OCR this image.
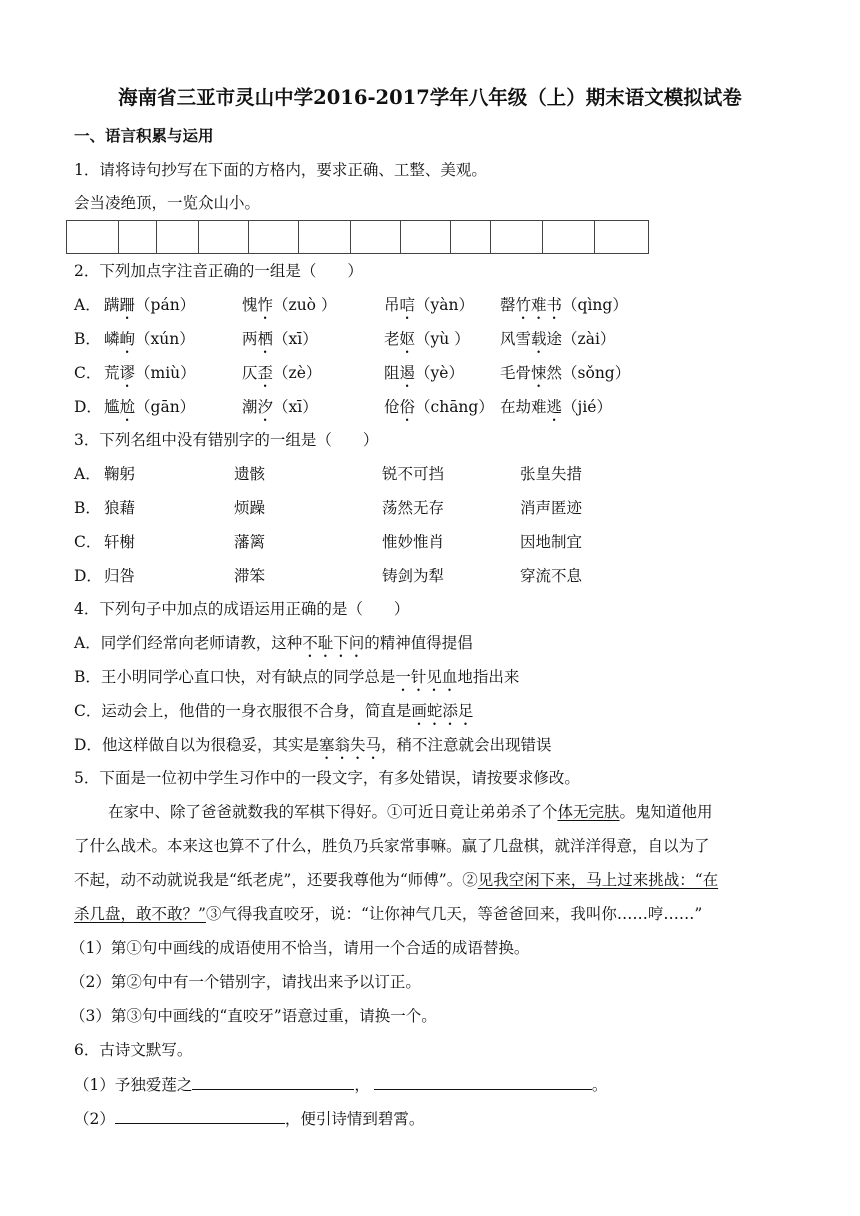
海南省三亚市灵山中学2016-2017学年八年级（上）期末语文模拟试卷
一、语言积累与运用
1．请将诗句抄写在下面的方格内，要求正确、工整、美观。
会当凌绝顶，一览众山小。
2．下列加点字注音正确的一组是（　　）
A． 蹒跚（pán）	愧怍（zuò ）	吊唁（yàn） 罄竹难书（qìng）
B． 嶙峋（xún）	两栖（xī）	老妪（yù ） 风雪载途（zài）
C． 荒谬（miù）	仄歪（zè）	阻遏（yè） 毛骨悚然（sǒng）
D． 尴尬（gān）	潮汐（xī）	伧俗（chāng） 在劫难逃（jié）
3．下列名组中没有错别字的一组是（　　）
A． 鞠躬	遗骸	锐不可挡	张皇失措
B． 狼藉	烦躁	荡然无存	消声匿迹
C． 轩榭	藩篱	惟妙惟肖	因地制宜
D． 归咎	滞笨	铸剑为犁	穿流不息
4．下列句子中加点的成语运用正确的是（　　）
A．同学们经常向老师请教，这种不耻下问的精神值得提倡
B．王小明同学心直口快，对有缺点的同学总是一针见血地指出来
C．运动会上，他借的一身衣服很不合身，简直是画蛇添足
D．他这样做自以为很稳妥，其实是塞翁失马，稍不注意就会出现错误
5．下面是一位初中学生习作中的一段文字，有多处错误，请按要求修改。
在家中、除了爸爸就数我的军棋下得好。①可近日竟让弟弟杀了个体无完肤。鬼知道他用
了什么战术。本来这也算不了什么，胜负乃兵家常事嘛。赢了几盘棋，就洋洋得意，自以为了
不起，动不动就说我是“纸老虎”，还要我尊他为“师傅”。②见我空闲下来，马上过来挑战：“在
杀几盘，敢不敢？”③气得我直咬牙，说：“让你神气几天，等爸爸回来，我叫你……哼……”
（1）第①句中画线的成语使用不恰当，请用一个合适的成语替换。
（2）第②句中有一个错别字，请找出来予以订正。
（3）第③句中画线的“直咬牙”语意过重，请换一个。
6．古诗文默写。
（1）予独爱莲之	，	。
（2）	，便引诗情到碧霄。
